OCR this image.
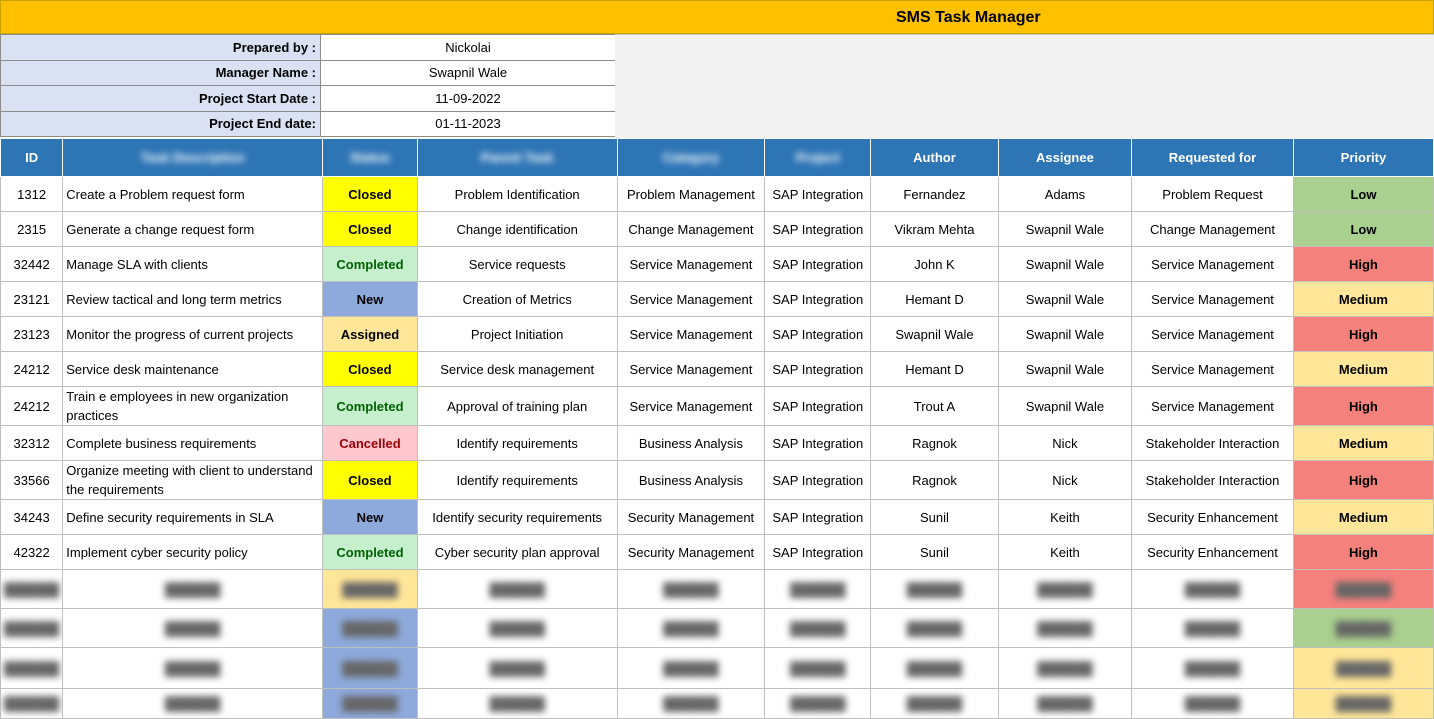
SMS Task Manager
Prepared by :	Nickolai
Manager Name :	Swapnil Wale
Project Start Date :	11-09-2022
Project End date:	01-11-2023
ID	Task Description	Status	Parent Task	Category	Project	Author	Assignee	Requested for	Priority
1312	Create a Problem request form	Closed	Problem Identification	Problem Management	SAP Integration	Fernandez	Adams	Problem Request	Low
2315	Generate a change request form	Closed	Change identification	Change Management	SAP Integration	Vikram Mehta	Swapnil Wale	Change Management	Low
32442	Manage SLA with clients	Completed	Service requests	Service Management	SAP Integration	John K	Swapnil Wale	Service Management	High
23121	Review tactical and long term metrics	New	Creation of Metrics	Service Management	SAP Integration	Hemant D	Swapnil Wale	Service Management	Medium
23123	Monitor the progress of current projects	Assigned	Project Initiation	Service Management	SAP Integration	Swapnil Wale	Swapnil Wale	Service Management	High
24212	Service desk maintenance	Closed	Service desk management	Service Management	SAP Integration	Hemant D	Swapnil Wale	Service Management	Medium
24212	Train e employees in new organization practices	Completed	Approval of training plan	Service Management	SAP Integration	Trout A	Swapnil Wale	Service Management	High
32312	Complete business requirements	Cancelled	Identify requirements	Business Analysis	SAP Integration	Ragnok	Nick	Stakeholder Interaction	Medium
33566	Organize meeting with client to understand the requirements	Closed	Identify requirements	Business Analysis	SAP Integration	Ragnok	Nick	Stakeholder Interaction	High
34243	Define security requirements in SLA	New	Identify security requirements	Security Management	SAP Integration	Sunil	Keith	Security Enhancement	Medium
42322	Implement cyber security policy	Completed	Cyber security plan approval	Security Management	SAP Integration	Sunil	Keith	Security Enhancement	High
██████	██████	██████	██████	██████	██████	██████	██████	██████	██████
██████	██████	██████	██████	██████	██████	██████	██████	██████	██████
██████	██████	██████	██████	██████	██████	██████	██████	██████	██████
██████	██████	██████	██████	██████	██████	██████	██████	██████	██████
